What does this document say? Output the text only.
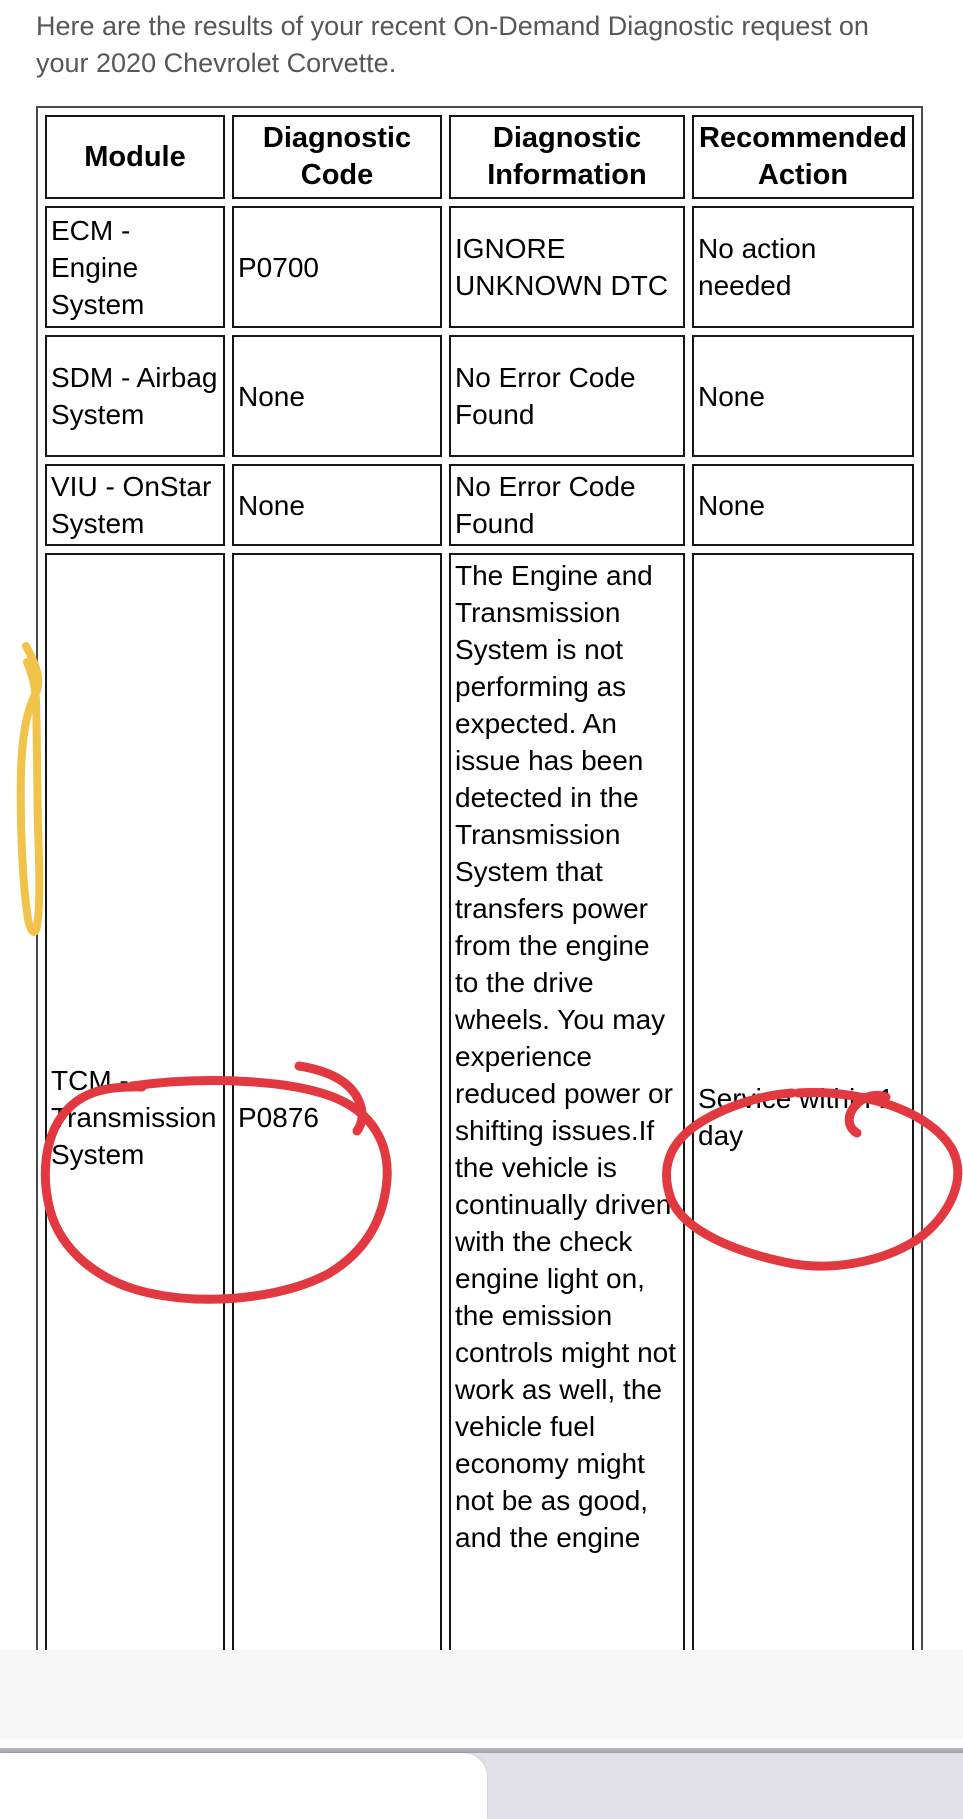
Here are the results of your recent On-Demand Diagnostic request on your 2020 Chevrolet Corvette.

Module	Diagnostic Code	Diagnostic Information	Recommended Action
ECM - Engine System	P0700	IGNORE UNKNOWN DTC	No action needed
SDM - Airbag System	None	No Error Code Found	None
VIU - OnStar System	None	No Error Code Found	None
TCM - Transmission System	P0876	The Engine and Transmission System is not performing as expected. An issue has been detected in the Transmission System that transfers power from the engine to the drive wheels. You may experience reduced power or shifting issues.If the vehicle is continually driven with the check engine light on, the emission controls might not work as well, the vehicle fuel economy might not be as good, and the engine	Service within 1 day
